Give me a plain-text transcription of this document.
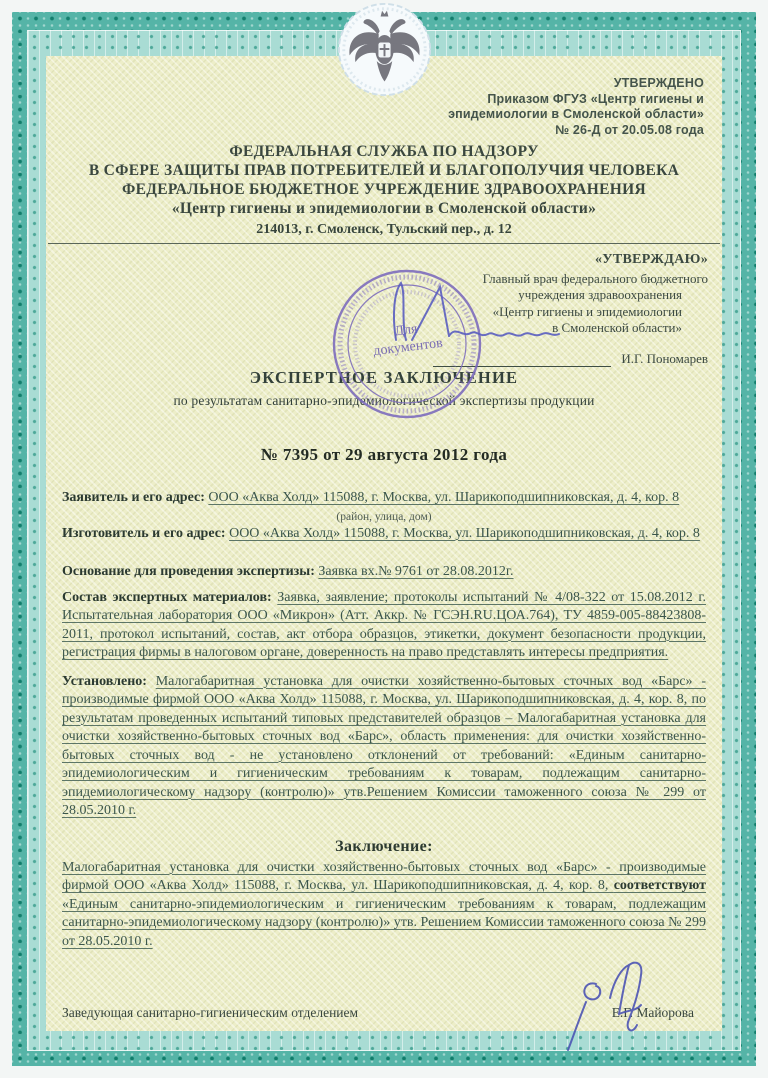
УТВЕРЖДЕНО
Приказом ФГУЗ «Центр гигиены и
эпидемиологии в Смоленской области»
№ 26-Д от 20.05.08 года
ФЕДЕРАЛЬНАЯ СЛУЖБА ПО НАДЗОРУ
В СФЕРЕ ЗАЩИТЫ ПРАВ ПОТРЕБИТЕЛЕЙ И БЛАГОПОЛУЧИЯ ЧЕЛОВЕКА
ФЕДЕРАЛЬНОЕ БЮДЖЕТНОЕ УЧРЕЖДЕНИЕ ЗДРАВООХРАНЕНИЯ
«Центр гигиены и эпидемиологии в Смоленской области»
214013, г. Смоленск, Тульский пер., д. 12
«УТВЕРЖДАЮ»
Главный врач федерального бюджетного
учреждения здравоохранения
«Центр гигиены и эпидемиологии
в Смоленской области»
И.Г. Пономарев
ЭКСПЕРТНОЕ ЗАКЛЮЧЕНИЕ
по результатам санитарно-эпидемиологической экспертизы продукции
№ 7395 от 29 августа 2012 года
Заявитель и его адрес: ООО «Аква Холд» 115088, г. Москва, ул. Шарикоподшипниковская, д. 4, кор. 8
(район, улица, дом)
Изготовитель и его адрес: ООО «Аква Холд» 115088, г. Москва, ул. Шарикоподшипниковская, д. 4, кор. 8
Основание для проведения экспертизы: Заявка вх.№ 9761 от 28.08.2012г.
Состав экспертных материалов: Заявка, заявление; протоколы испытаний № 4/08-322 от 15.08.2012 г. Испытательная лаборатория ООО «Микрон» (Атт. Аккр. № ГСЭН.RU.ЦОА.764), ТУ 4859-005-88423808-2011, протокол испытаний, состав, акт отбора образцов, этикетки, документ безопасности продукции, регистрация фирмы в налоговом органе, доверенность на право представлять интересы предприятия.
Установлено: Малогабаритная установка для очистки хозяйственно-бытовых сточных вод «Барс» - производимые фирмой ООО «Аква Холд» 115088, г. Москва, ул. Шарикоподшипниковская, д. 4, кор. 8, по результатам проведенных испытаний типовых представителей образцов – Малогабаритная установка для очистки хозяйственно-бытовых сточных вод «Барс», область применения: для очистки хозяйственно-бытовых сточных вод - не установлено отклонений от требований: «Единым санитарно-эпидемиологическим и гигиеническим требованиям к товарам, подлежащим санитарно-эпидемиологическому надзору (контролю)» утв.Решением Комиссии таможенного союза № 299 от 28.05.2010 г.
Заключение:
Малогабаритная установка для очистки хозяйственно-бытовых сточных вод «Барс» - производимые фирмой ООО «Аква Холд» 115088, г. Москва, ул. Шарикоподшипниковская, д. 4, кор. 8, соответствуют «Единым санитарно-эпидемиологическим и гигиеническим требованиям к товарам, подлежащим санитарно-эпидемиологическому надзору (контролю)» утв. Решением Комиссии таможенного союза № 299 от 28.05.2010 г.
Заведующая санитарно-гигиеническим отделением	Е.Г. Майорова
Для
документов
